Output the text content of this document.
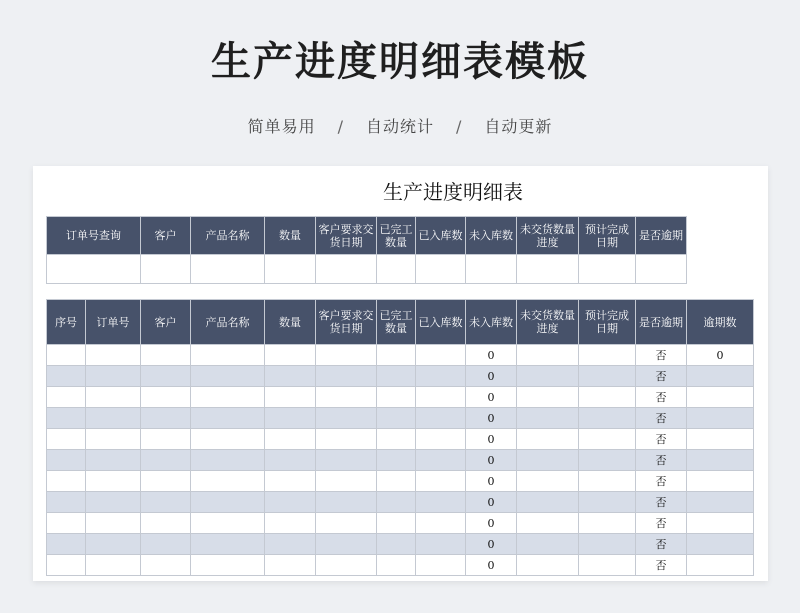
生产进度明细表模板
简单易用 / 自动统计 / 自动更新
生产进度明细表
订单号查询	客户	产品名称	数量	客户要求交货日期	已完工数量	已入库数	未入库数	未交货数量进度	预计完成日期	是否逾期

序号	订单号	客户	产品名称	数量	客户要求交货日期	已完工数量	已入库数	未入库数	未交货数量进度	预计完成日期	是否逾期	逾期数
								0			否	0
								0			否	
								0			否	
								0			否	
								0			否	
								0			否	
								0			否	
								0			否	
								0			否	
								0			否	
								0			否	
